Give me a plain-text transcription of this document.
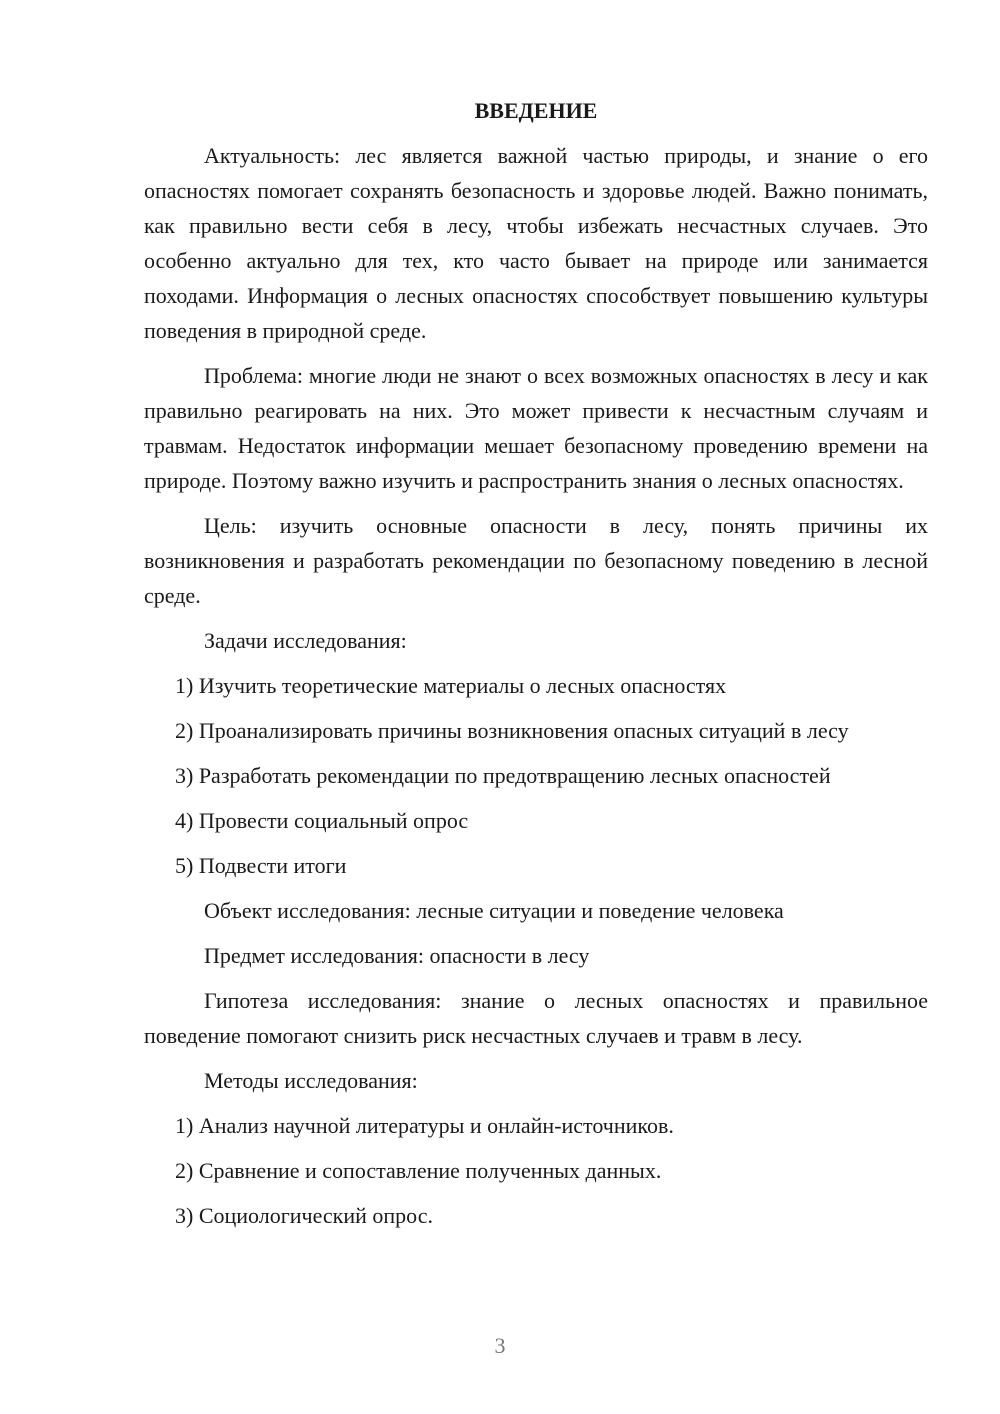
ВВЕДЕНИЕ

Актуальность: лес является важной частью природы, и знание о его опасностях помогает сохранять безопасность и здоровье людей. Важно понимать, как правильно вести себя в лесу, чтобы избежать несчастных случаев. Это особенно актуально для тех, кто часто бывает на природе или занимается походами. Информация о лесных опасностях способствует повышению культуры поведения в природной среде.

Проблема: многие люди не знают о всех возможных опасностях в лесу и как правильно реагировать на них. Это может привести к несчастным случаям и травмам. Недостаток информации мешает безопасному проведению времени на природе. Поэтому важно изучить и распространить знания о лесных опасностях.

Цель: изучить основные опасности в лесу, понять причины их возникновения и разработать рекомендации по безопасному поведению в лесной среде.

Задачи исследования:

1) Изучить теоретические материалы о лесных опасностях

2) Проанализировать причины возникновения опасных ситуаций в лесу

3) Разработать рекомендации по предотвращению лесных опасностей

4) Провести социальный опрос

5) Подвести итоги

Объект исследования: лесные ситуации и поведение человека

Предмет исследования: опасности в лесу

Гипотеза исследования: знание о лесных опасностях и правильное поведение помогают снизить риск несчастных случаев и травм в лесу.

Методы исследования:

1) Анализ научной литературы и онлайн-источников.

2) Сравнение и сопоставление полученных данных.

3) Социологический опрос.

3
